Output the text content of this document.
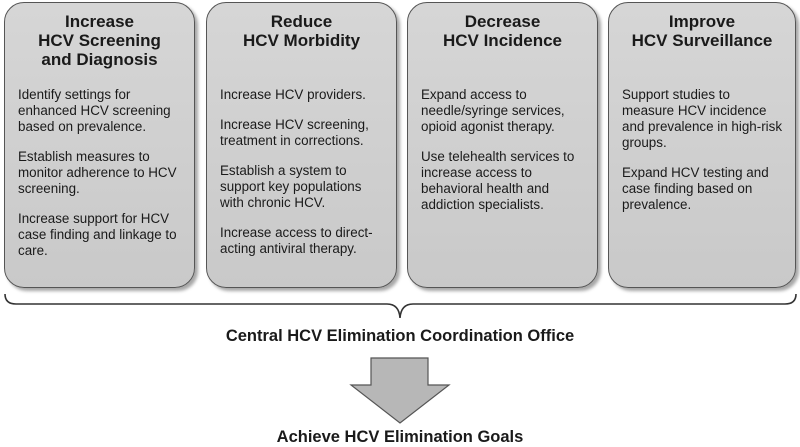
Increase
HCV Screening
and Diagnosis

Identify settings for enhanced HCV screening based on prevalence.

Establish measures to monitor adherence to HCV screening.

Increase support for HCV case finding and linkage to care.

Reduce
HCV Morbidity

Increase HCV providers.

Increase HCV screening, treatment in corrections.

Establish a system to support key populations with chronic HCV.

Increase access to direct-acting antiviral therapy.

Decrease
HCV Incidence

Expand access to needle/syringe services, opioid agonist therapy.

Use telehealth services to increase access to behavioral health and addiction specialists.

Improve
HCV Surveillance

Support studies to measure HCV incidence and prevalence in high-risk groups.

Expand HCV testing and case finding based on prevalence.

Central HCV Elimination Coordination Office
Achieve HCV Elimination Goals
